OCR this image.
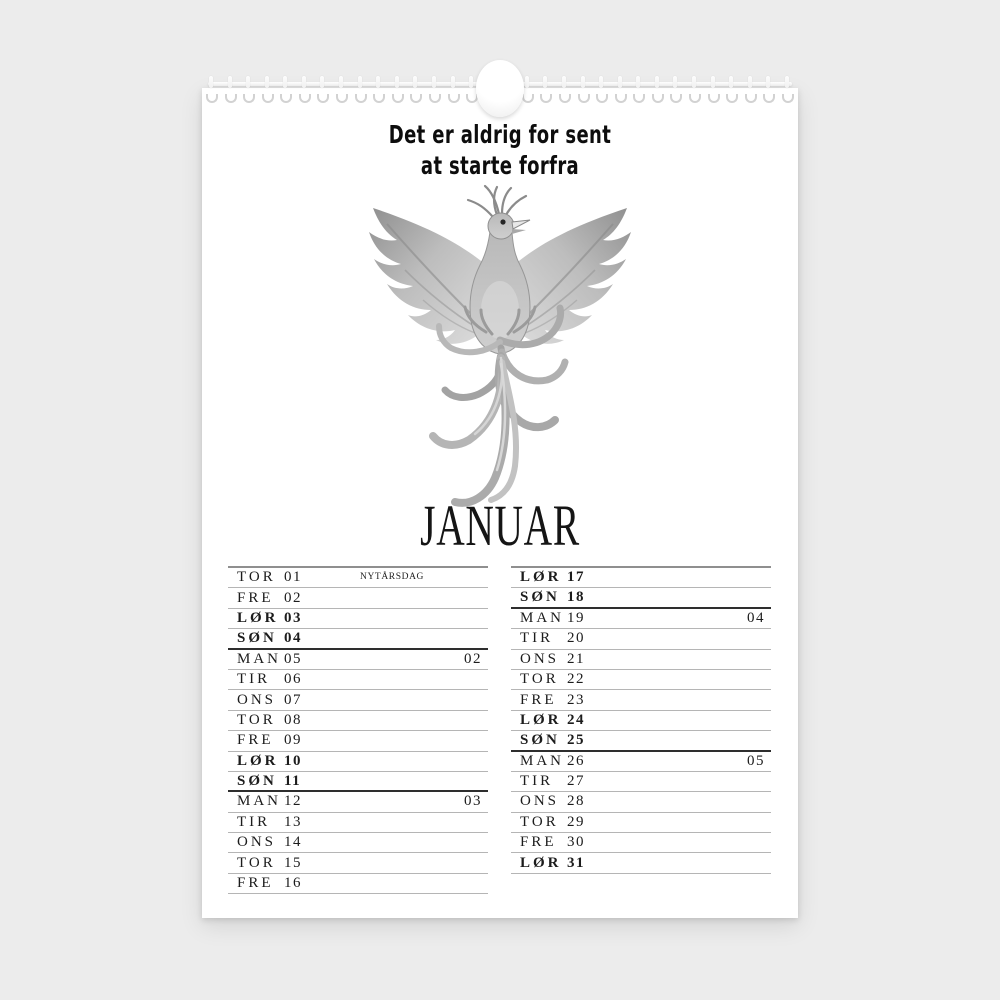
Det er aldrig for sent
at starte forfra
JANUAR
TOR 01	NYTÅRSDAG
FRE 02
LØR 03
SØN 04
MAN 05	02
TIR 06
ONS 07
TOR 08
FRE 09
LØR 10
SØN 11
MAN 12	03
TIR 13
ONS 14
TOR 15
FRE 16
LØR 17
SØN 18
MAN 19	04
TIR 20
ONS 21
TOR 22
FRE 23
LØR 24
SØN 25
MAN 26	05
TIR 27
ONS 28
TOR 29
FRE 30
LØR 31
